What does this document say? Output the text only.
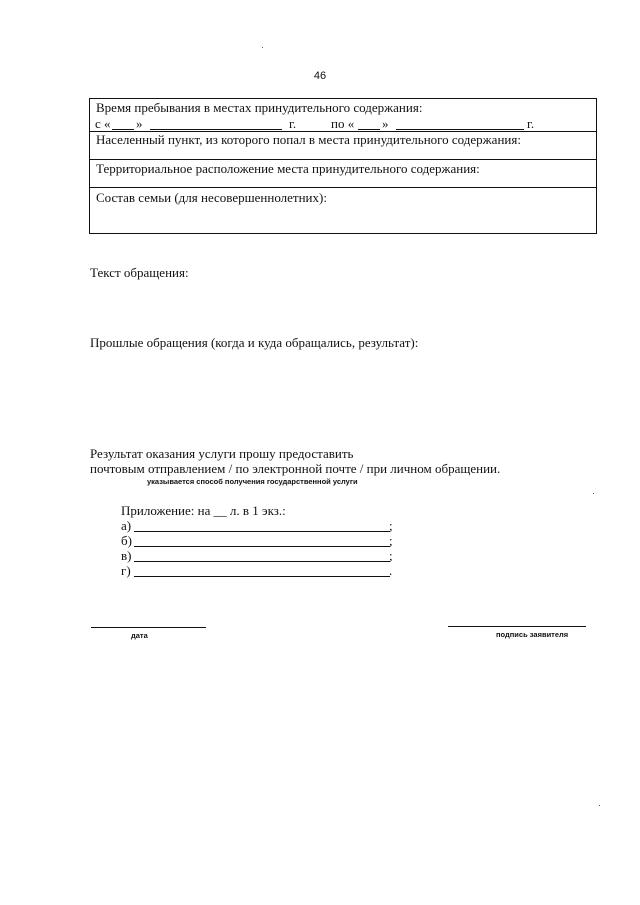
46
Время пребывания в местах принудительного содержания:
с « »	г.	по « »	г.
Населенный пункт, из которого попал в места принудительного содержания:
Территориальное расположение места принудительного содержания:
Состав семьи (для несовершеннолетних):
Текст обращения:
Прошлые обращения (когда и куда обращались, результат):
Результат оказания услуги прошу предоставить
почтовым отправлением / по электронной почте / при личном обращении.
указывается способ получения государственной услуги
Приложение: на __ л. в 1 экз.:
а)	;
б)	;
в)	;
г)	.
дата	подпись заявителя
